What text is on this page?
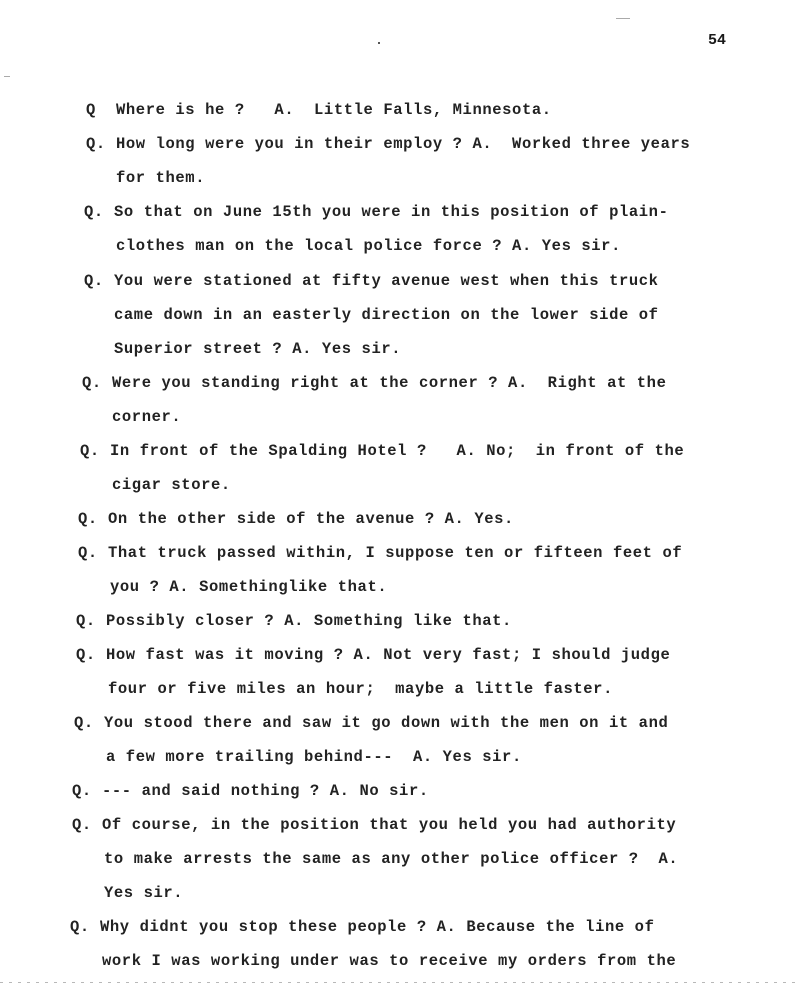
54
Q Where is he ?   A.  Little Falls, Minnesota.
Q. How long were you in their employ ? A.  Worked three years
for them.
Q. So that on June 15th you were in this position of plain-
clothes man on the local police force ? A. Yes sir.
Q. You were stationed at fifty avenue west when this truck
came down in an easterly direction on the lower side of
Superior street ? A. Yes sir.
Q. Were you standing right at the corner ? A.  Right at the
corner.
Q. In front of the Spalding Hotel ?   A. No;  in front of the
cigar store.
Q. On the other side of the avenue ? A. Yes.
Q. That truck passed within, I suppose ten or fifteen feet of
you ? A. Somethinglike that.
Q. Possibly closer ? A. Something like that.
Q. How fast was it moving ? A. Not very fast; I should judge
four or five miles an hour;  maybe a little faster.
Q. You stood there and saw it go down with the men on it and
a few more trailing behind---  A. Yes sir.
Q. --- and said nothing ? A. No sir.
Q. Of course, in the position that you held you had authority
to make arrests the same as any other police officer ?  A.
Yes sir.
Q. Why didnt you stop these people ? A. Because the line of
work I was working under was to receive my orders from the
